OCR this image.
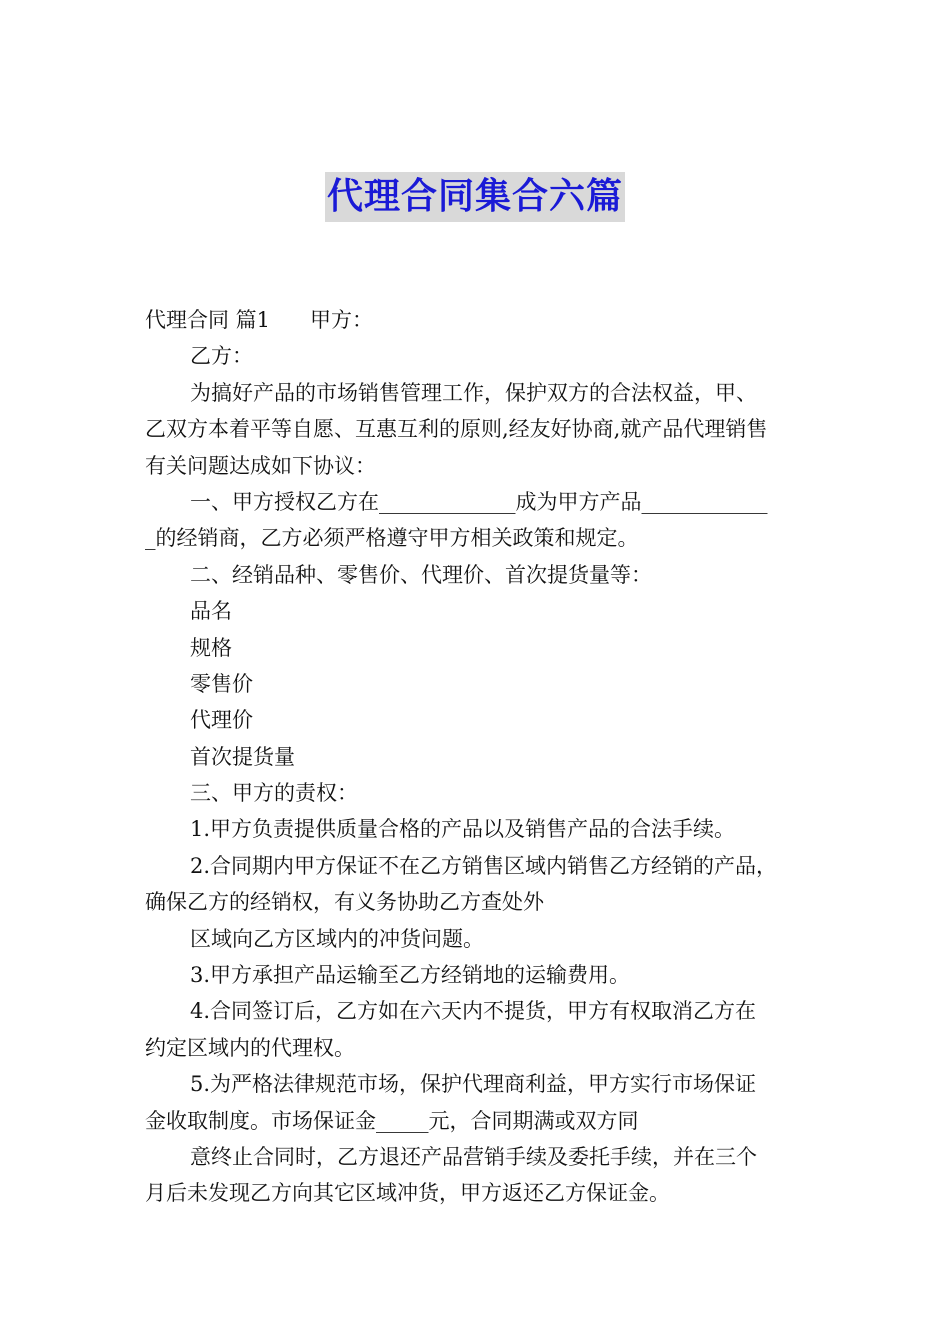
代理合同集合六篇
代理合同 篇1 甲方：
乙方：
为搞好产品的市场销售管理工作，保护双方的合法权益，甲、
乙双方本着平等自愿、互惠互利的原则,经友好协商,就产品代理销售
有关问题达成如下协议：
一、甲方授权乙方在_____________成为甲方产品____________
_的经销商，乙方必须严格遵守甲方相关政策和规定。
二、经销品种、零售价、代理价、首次提货量等：
品名
规格
零售价
代理价
首次提货量
三、甲方的责权：
1.甲方负责提供质量合格的产品以及销售产品的合法手续。
2.合同期内甲方保证不在乙方销售区域内销售乙方经销的产品，
确保乙方的经销权，有义务协助乙方查处外
区域向乙方区域内的冲货问题。
3.甲方承担产品运输至乙方经销地的运输费用。
4.合同签订后，乙方如在六天内不提货，甲方有权取消乙方在
约定区域内的代理权。
5.为严格法律规范市场，保护代理商利益，甲方实行市场保证
金收取制度。市场保证金_____元，合同期满或双方同
意终止合同时，乙方退还产品营销手续及委托手续，并在三个
月后未发现乙方向其它区域冲货，甲方返还乙方保证金。
